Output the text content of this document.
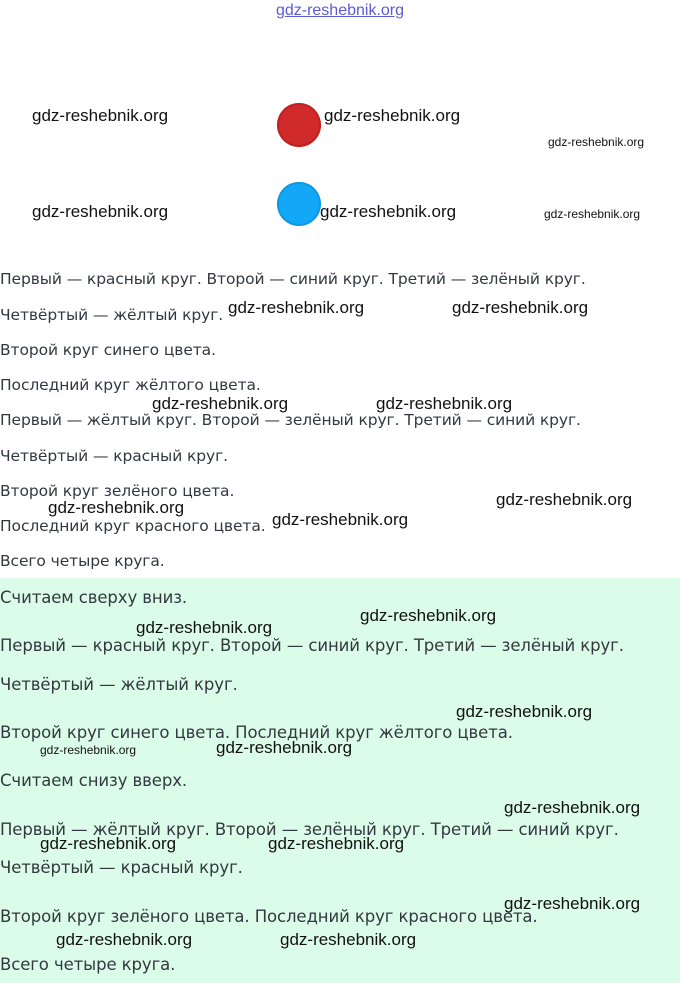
gdz-reshebnik.org
Первый — красный круг. Второй — синий круг. Третий — зелёный круг.
Четвёртый — жёлтый круг.
Второй круг синего цвета.
Последний круг жёлтого цвета.
Первый — жёлтый круг. Второй — зелёный круг. Третий — синий круг.
Четвёртый — красный круг.
Второй круг зелёного цвета.
Последний круг красного цвета.
Всего четыре круга.
Считаем сверху вниз.
Первый — красный круг. Второй — синий круг. Третий — зелёный круг.
Четвёртый — жёлтый круг.
Второй круг синего цвета. Последний круг жёлтого цвета.
Считаем снизу вверх.
Первый — жёлтый круг. Второй — зелёный круг. Третий — синий круг.
Четвёртый — красный круг.
Второй круг зелёного цвета. Последний круг красного цвета.
Всего четыре круга.
gdz-reshebnik.org	gdz-reshebnik.org
gdz-reshebnik.org
gdz-reshebnik.org	gdz-reshebnik.org	gdz-reshebnik.org
gdz-reshebnik.org	gdz-reshebnik.org
gdz-reshebnik.org	gdz-reshebnik.org
gdz-reshebnik.org
gdz-reshebnik.org
gdz-reshebnik.org
gdz-reshebnik.org
gdz-reshebnik.org
gdz-reshebnik.org
gdz-reshebnik.org	gdz-reshebnik.org
gdz-reshebnik.org
gdz-reshebnik.org	gdz-reshebnik.org
gdz-reshebnik.org
gdz-reshebnik.org	gdz-reshebnik.org
